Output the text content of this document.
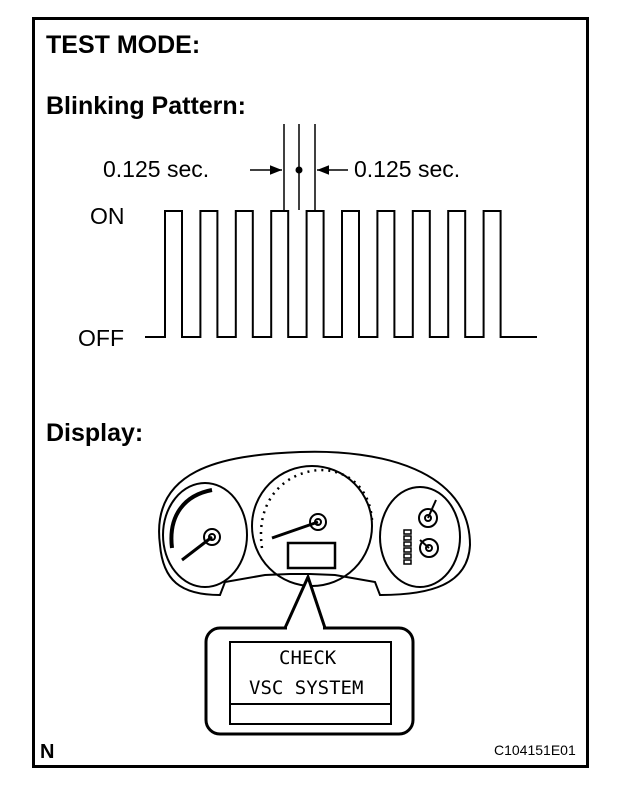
TEST MODE:
Blinking Pattern:
0.125 sec.	0.125 sec.
ON
OFF
Display:
CHECK
VSC SYSTEM
N	C104151E01
